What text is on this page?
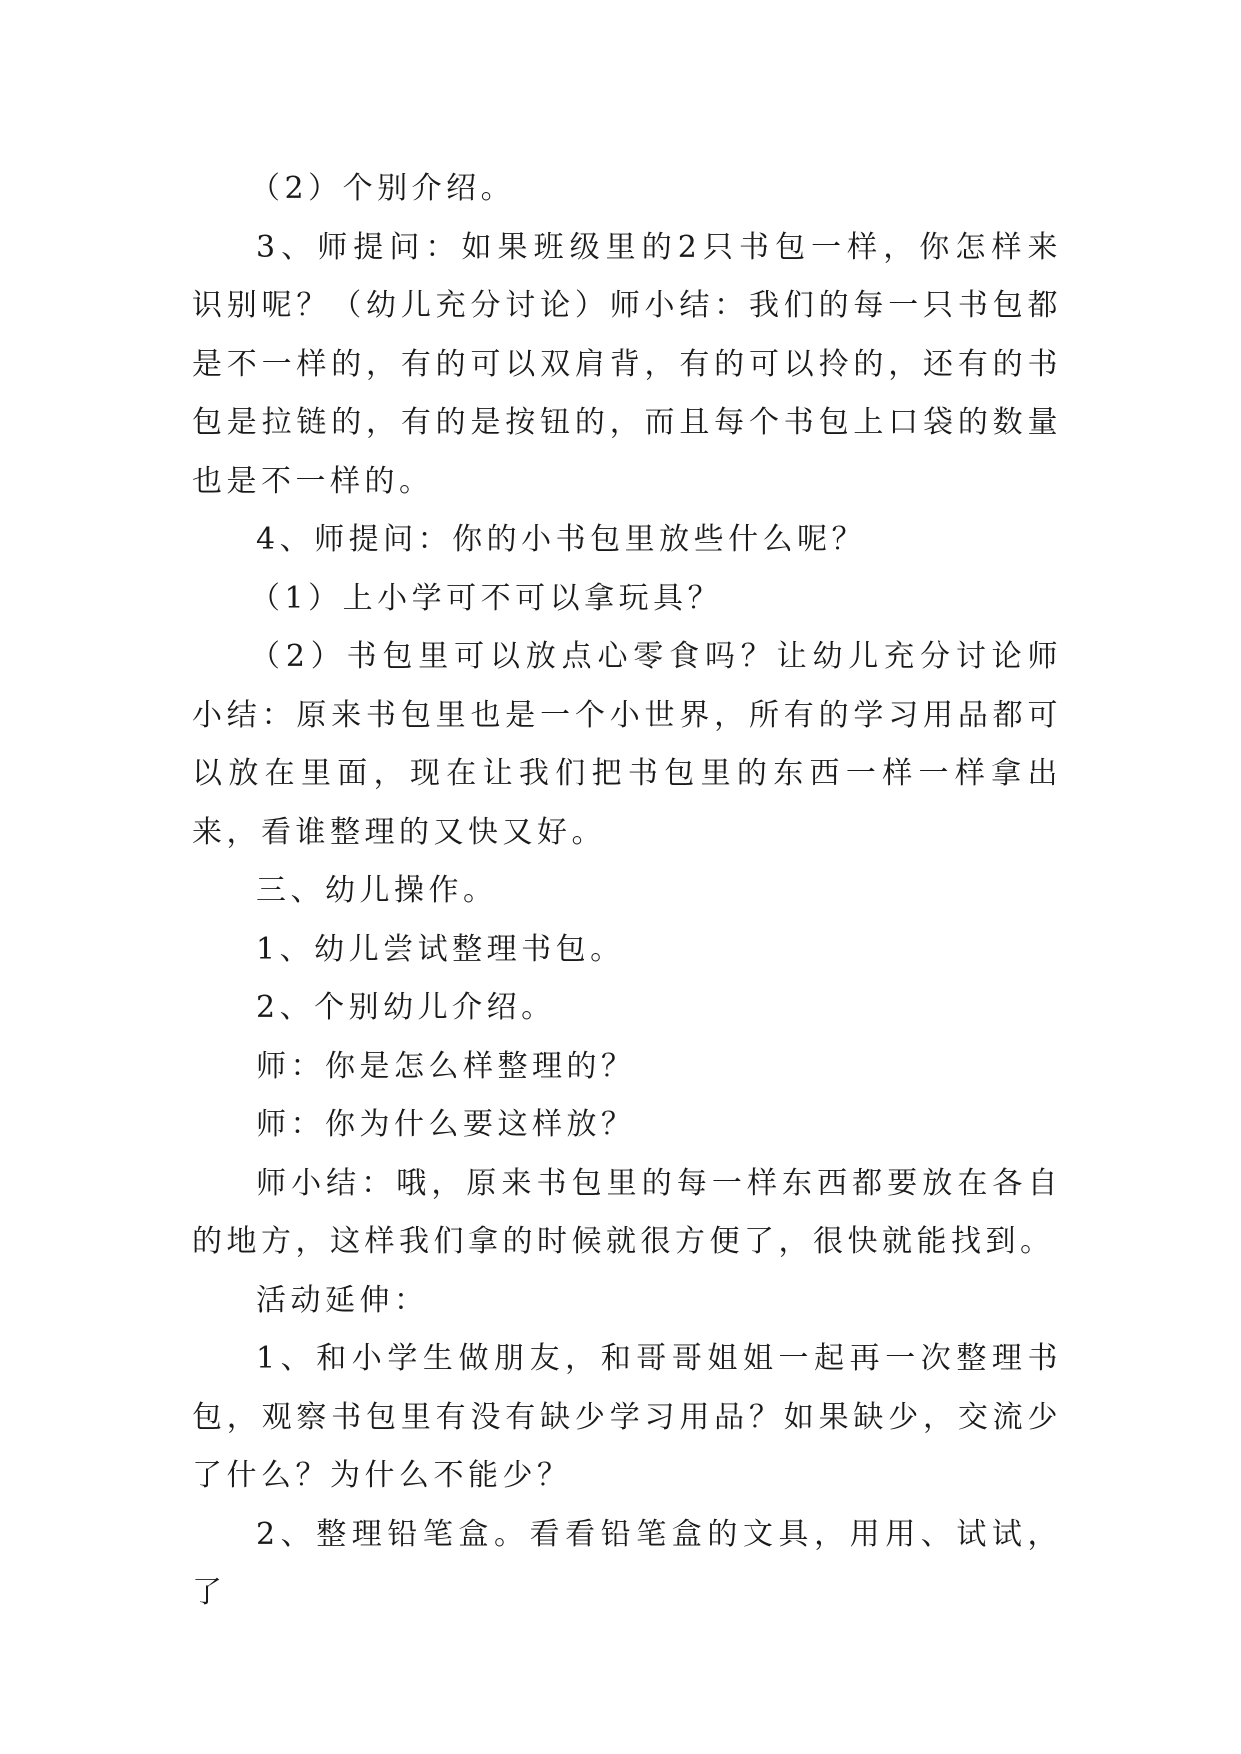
（2）个别介绍。

3、师提问：如果班级里的2只书包一样，你怎样来识别呢？（幼儿充分讨论）师小结：我们的每一只书包都是不一样的，有的可以双肩背，有的可以拎的，还有的书包是拉链的，有的是按钮的，而且每个书包上口袋的数量也是不一样的。

4、师提问：你的小书包里放些什么呢？

（1）上小学可不可以拿玩具？

（2）书包里可以放点心零食吗？让幼儿充分讨论师小结：原来书包里也是一个小世界，所有的学习用品都可以放在里面，现在让我们把书包里的东西一样一样拿出来，看谁整理的又快又好。

三、幼儿操作。

1、幼儿尝试整理书包。

2、个别幼儿介绍。

师：你是怎么样整理的？

师：你为什么要这样放？

师小结：哦，原来书包里的每一样东西都要放在各自的地方，这样我们拿的时候就很方便了，很快就能找到。

活动延伸：

1、和小学生做朋友，和哥哥姐姐一起再一次整理书包，观察书包里有没有缺少学习用品？如果缺少，交流少了什么？为什么不能少？

2、整理铅笔盒。看看铅笔盒的文具，用用、试试，了
